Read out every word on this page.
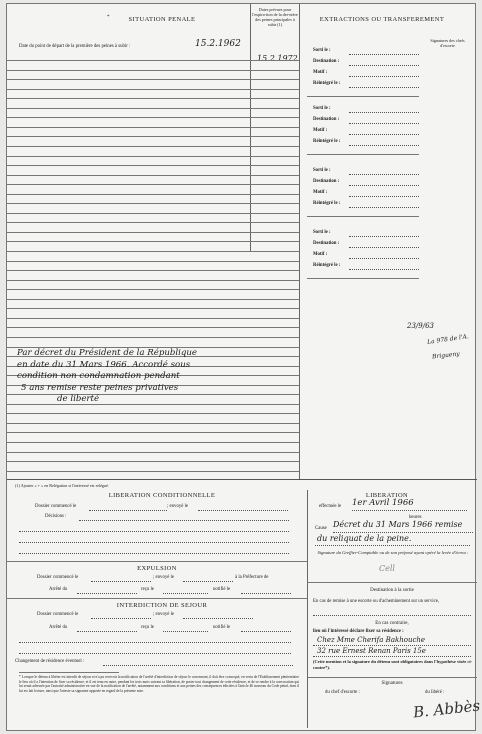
SITUATION PENALE
*
Dates prévues pour l'expira-tion de la der-nière des peines principales à subir (1)
Date du point de départ de la première des peines à subir :	15.2.1962
15.2.1972
Par décret du Président de la République
en date du 31 Mars 1966. Accordé sous
condition non condamnation pendant
5 ans remise reste peines privatives
de liberté
23/9/63
La 978 de l'A.
Brigueny
(1) Ajouter « + » en Relégation si l'intéressé est relégué.
EXTRACTIONS OU TRANSFEREMENT
Signatures des chefs d'escorte
Sorti le :
Destination :
Motif :
Réintégré le :
Sorti le :
Destination :
Motif :
Réintégré le :
Sorti le :
Destination :
Motif :
Réintégré le :
Sorti le :
Destination :
Motif :
Réintégré le :
LIBERATION CONDITIONNELLE
Dossier commencé le	; envoyé le
Décisions :
EXPULSION
Dossier commencé le	; envoyé le	à la Préfecture de
Arrêté du	reçu le	notifié le
INTERDICTION DE SEJOUR
Dossier commencé le	; envoyé le
Arrêté du	reçu le	notifié le
Changement de résidence éventuel :
* Lorsque le détenu à libérer est interdit de séjour et n'a pu recevoir la notification de l'arrêté d'interdiction de séjour le concernant, il doit être convoqué, en vertu de l'Etablissement pénitentiaire le lieu où il a l'intention de fixer sa résidence, et il est tenu en outre, pendant les trois mois suivant sa libération, de porter tout changement de cette résidence, et de se rendre à la convocation qui lui serait adressée par l'autorité administrative en vue de la notification de l'arrêté, notamment aux conditions et aux peines des conséquences édictées à l'article 46 nouveau du Code pénal, dont il lui est fait lecture, ainsi que l'atteste sa signature apposée en regard de la présente note.
LIBERATION
effectuée le 1er Avril 1966
heures
Cause Décret du 31 Mars 1966 remise
du reliquat de la peine.
Signature du Greffier-Comptable ou de son préposé ayant opéré la levée d'écrou :
Cell
Destination à la sortie
En cas de remise à une escorte ou d'acheminement sur un service,
En cas contraire,
lieu où l'intéressé déclare fixer sa résidence :
Chez Mme Cherifa Bakhouche
32 rue Ernest Renan Paris 15e
(Cette mention et la signature du détenu sont obligatoires dans l'hypothèse visée ci-contre*).
Signatures
du chef d'escorte :	du libéré :
B. Abbès
